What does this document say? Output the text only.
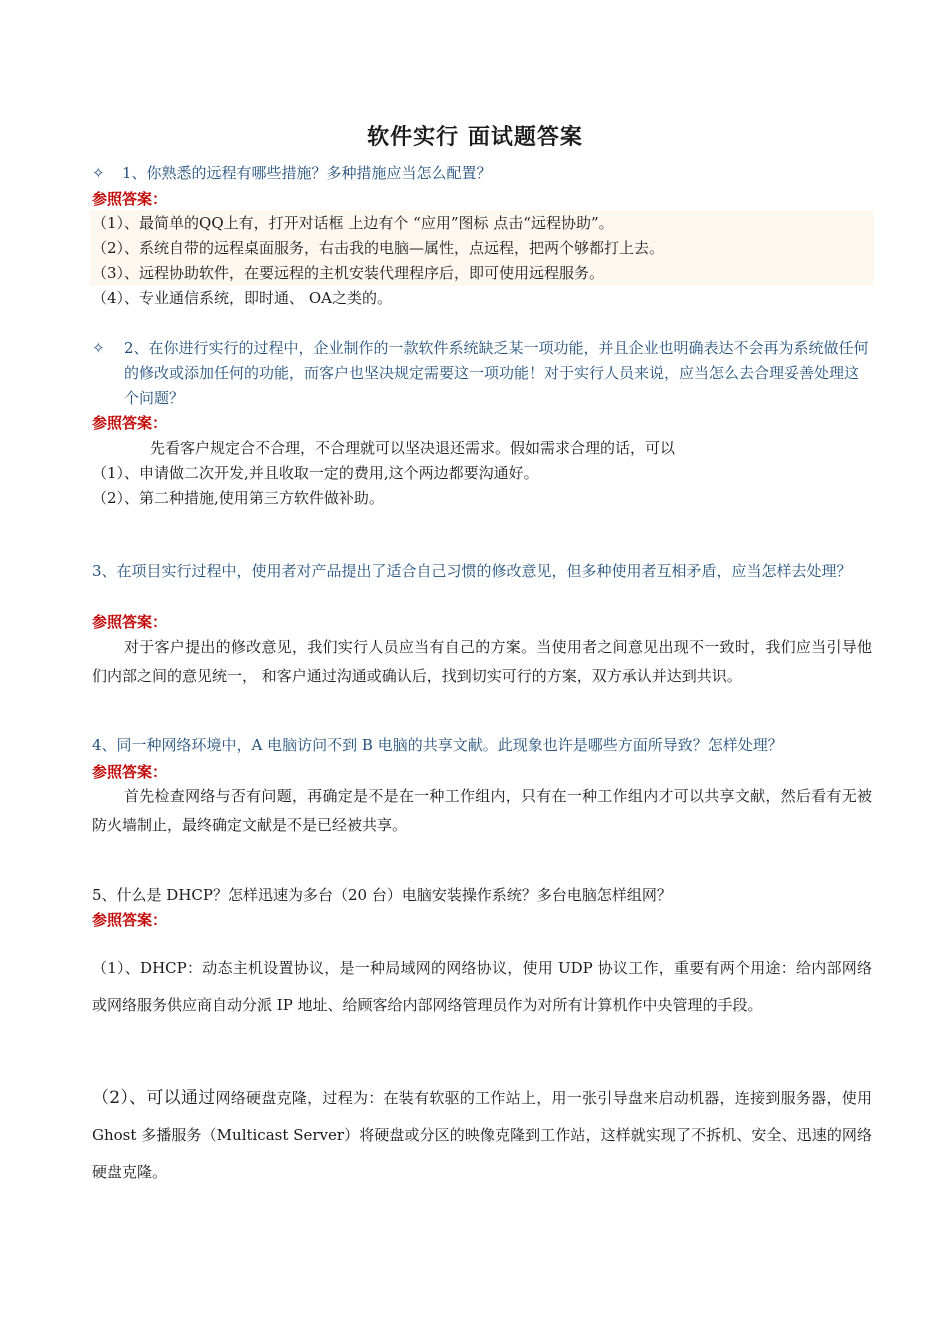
软件实行 面试题答案
✧ 1、你熟悉的远程有哪些措施？多种措施应当怎么配置？
参照答案：
（1）、最简单的QQ上有，打开对话框 上边有个 “应用”图标 点击“远程协助”。
（2）、系统自带的远程桌面服务，右击我的电脑—属性，点远程，把两个够都打上去。
（3）、远程协助软件，在要远程的主机安装代理程序后，即可使用远程服务。
（4）、专业通信系统，即时通、 OA之类的。
✧	2、在你进行实行的过程中，企业制作的一款软件系统缺乏某一项功能，并且企业也明确表达不会再为系统做任何的修改或添加任何的功能，而客户也坚决规定需要这一项功能！对于实行人员来说，应当怎么去合理妥善处理这个问题？
参照答案：
先看客户规定合不合理，不合理就可以坚决退还需求。假如需求合理的话，可以
（1）、申请做二次开发,并且收取一定的费用,这个两边都要沟通好。
（2）、第二种措施,使用第三方软件做补助。
3、在项目实行过程中，使用者对产品提出了适合自己习惯的修改意见，但多种使用者互相矛盾，应当怎样去处理？
参照答案：
对于客户提出的修改意见，我们实行人员应当有自己的方案。当使用者之间意见出现不一致时，我们应当引导他们内部之间的意见统一， 和客户通过沟通或确认后，找到切实可行的方案，双方承认并达到共识。
4、同一种网络环境中，A 电脑访问不到 B 电脑的共享文献。此现象也许是哪些方面所导致？怎样处理？
参照答案：
首先检查网络与否有问题，再确定是不是在一种工作组内，只有在一种工作组内才可以共享文献，然后看有无被防火墙制止，最终确定文献是不是已经被共享。
5、什么是 DHCP？怎样迅速为多台（20 台）电脑安装操作系统？多台电脑怎样组网？
参照答案：
（1）、DHCP：动态主机设置协议，是一种局域网的网络协议，使用 UDP 协议工作，重要有两个用途：给内部网络或网络服务供应商自动分派 IP 地址、给顾客给内部网络管理员作为对所有计算机作中央管理的手段。
（2）、可以通过网络硬盘克隆，过程为：在装有软驱的工作站上，用一张引导盘来启动机器，连接到服务器，使用 Ghost 多播服务（Multicast Server）将硬盘或分区的映像克隆到工作站，这样就实现了不拆机、安全、迅速的网络硬盘克隆。
